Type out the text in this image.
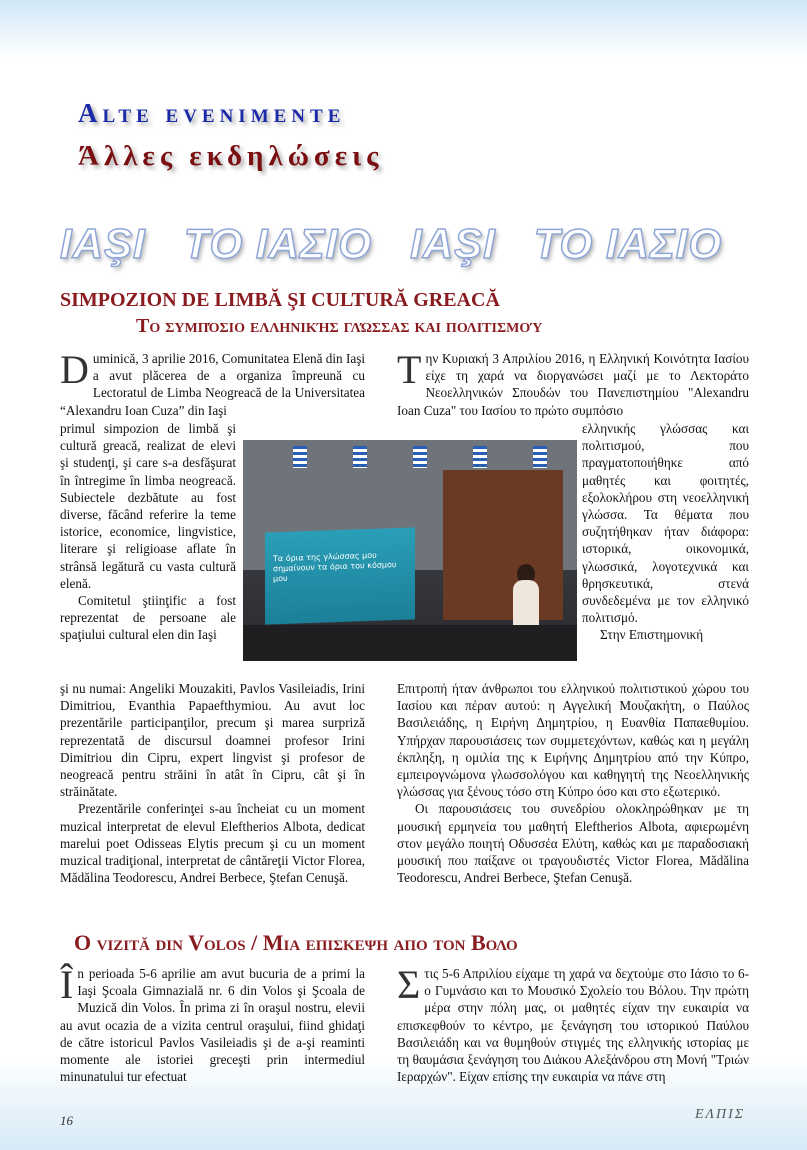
Alte evenimente
Άλλες εκδηλώσεις
IAŞI   TO IAΣIO   IAŞI   TO IAΣIO
SIMPOZION DE LIMBĂ ŞI CULTURĂ GREACĂ
Το συμπόσιο ελληνικής γλώσσας και πολιτισμού

Duminică, 3 aprilie 2016, Comunitatea Elenă din Iaşi a avut plăcerea de a organiza împreună cu Lectoratul de Limba Neogreacă de la Universitatea “Alexandru Ioan Cuza” din Iaşi

primul simpozion de limbă şi cultură greacă, realizat de elevi şi studenţi, şi care s-a desfăşurat în întregime în limba neogreacă. Subiectele dezbătute au fost diverse, făcând referire la teme istorice, economice, lingvistice, literare şi religioase aflate în strânsă legătură cu vasta cultură elenă.

Comitetul ştiinţific a fost reprezentat de persoane ale spaţiului cultural elen din Iaşi

şi nu numai: Angeliki Mouzakiti, Pavlos Vasileiadis, Irini Dimitriou, Evanthia Papaefthymiou. Au avut loc prezentările participanţilor, precum şi marea surpriză reprezentată de discursul doamnei profesor Irini Dimitriou din Cipru, expert lingvist şi profesor de neogreacă pentru străini în atât în Cipru, cât şi în străinătate.

Prezentările conferinţei s-au încheiat cu un moment muzical interpretat de elevul Eleftherios Albota, dedicat marelui poet Odisseas Elytis precum şi cu un moment muzical tradiţional, interpretat de cântăreţii Victor Florea, Mădălina Teodorescu, Andrei Berbece, Ştefan Cenuşă.

Την Κυριακή 3 Απριλίου 2016, η Ελληνική Κοινότητα Ιασίου είχε τη χαρά να διοργανώσει μαζί με το Λεκτοράτο Νεοελληνικών Σπουδών του Πανεπιστημίου "Alexandru Ioan Cuza" του Ιασίου το πρώτο συμπόσιο

ελληνικής γλώσσας και πολιτισμού, που πραγματοποιήθηκε από μαθητές και φοιτητές, εξολοκλήρου στη νεοελληνική γλώσσα. Τα θέματα που συζητήθηκαν ήταν διάφορα: ιστορικά, οικονομικά, γλωσσικά, λογοτεχνικά και θρησκευτικά, στενά συνδεδεμένα με τον ελληνικό πολιτισμό.

Στην Επιστημονική

Επιτροπή ήταν άνθρωποι του ελληνικού πολιτιστικού χώρου του Ιασίου και πέραν αυτού: η Αγγελική Μουζακήτη, ο Παύλος Βασιλειάδης, η Ειρήνη Δημητρίου, η Ευανθία Παπαεθυμίου. Υπήρχαν παρουσιάσεις των συμμετεχόντων, καθώς και η μεγάλη έκπληξη, η ομιλία της κ Ειρήνης Δημητρίου από την Κύπρο, εμπειρογνώμονα γλωσσολόγου και καθηγητή της Νεοελληνικής γλώσσας για ξένους τόσο στη Κύπρο όσο και στο εξωτερικό.

Οι παρουσιάσεις του συνεδρίου ολοκληρώθηκαν με τη μουσική ερμηνεία του μαθητή Eleftherios Albota, αφιερωμένη στον μεγάλο ποιητή Οδυσσέα Ελύτη, καθώς και με παραδοσιακή μουσική που παίξανε οι τραγουδιστές Victor Florea, Mădălina Teodorescu, Andrei Berbece, Ştefan Cenuşă.

Τα όρια της γλώσσας μου σημαίνουν τα όρια του κόσμου μου
O vizită din Volos / Μια επισκεψη απο τον Βολο

În perioada 5-6 aprilie am avut bucuria de a primi la Iaşi Şcoala Gimnazială nr. 6 din Volos şi Şcoala de Muzică din Volos. În prima zi în oraşul nostru, elevii au avut ocazia de a vizita centrul oraşului, fiind ghidaţi de către istoricul Pavlos Vasileiadis şi de a-şi reaminti momente ale istoriei greceşti prin intermediul minunatului tur efectuat

Στις 5-6 Απριλίου είχαμε τη χαρά να δεχτούμε στο Ιάσιο το 6-ο Γυμνάσιο και το Μουσικό Σχολείο του Βόλου. Την πρώτη μέρα στην πόλη μας, οι μαθητές είχαν την ευκαιρία να επισκεφθούν το κέντρο, με ξενάγηση του ιστορικού Παύλου Βασιλειάδη και να θυμηθούν στιγμές της ελληνικής ιστορίας με τη θαυμάσια ξενάγηση του Διάκου Αλεξάνδρου στη Μονή "Τριών Ιεραρχών". Είχαν επίσης την ευκαιρία να πάνε στη

16	ΕΛΠΙΣ
